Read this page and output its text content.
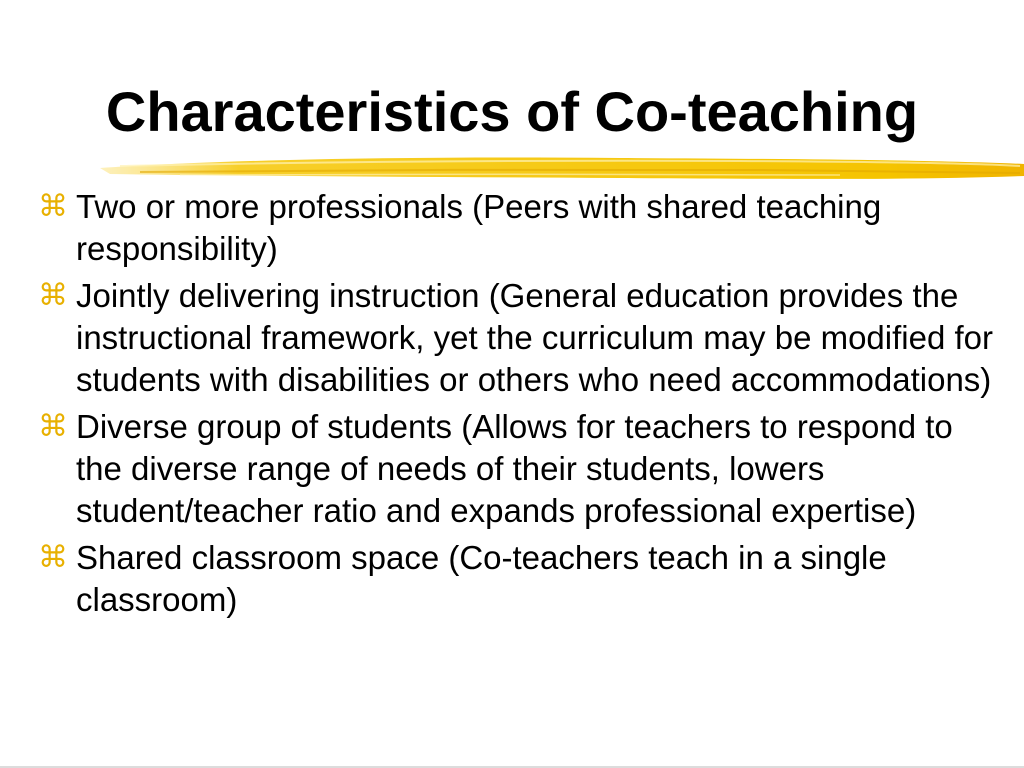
Characteristics of Co-teaching
⌘ Two or more professionals (Peers with shared teaching responsibility)
⌘ Jointly delivering instruction (General education provides the instructional framework, yet the curriculum may be modified for students with disabilities or others who need accommodations)
⌘ Diverse group of students (Allows for teachers to respond to the diverse range of needs of their students, lowers student/teacher ratio and expands professional expertise)
⌘ Shared classroom space (Co-teachers teach in a single classroom)
